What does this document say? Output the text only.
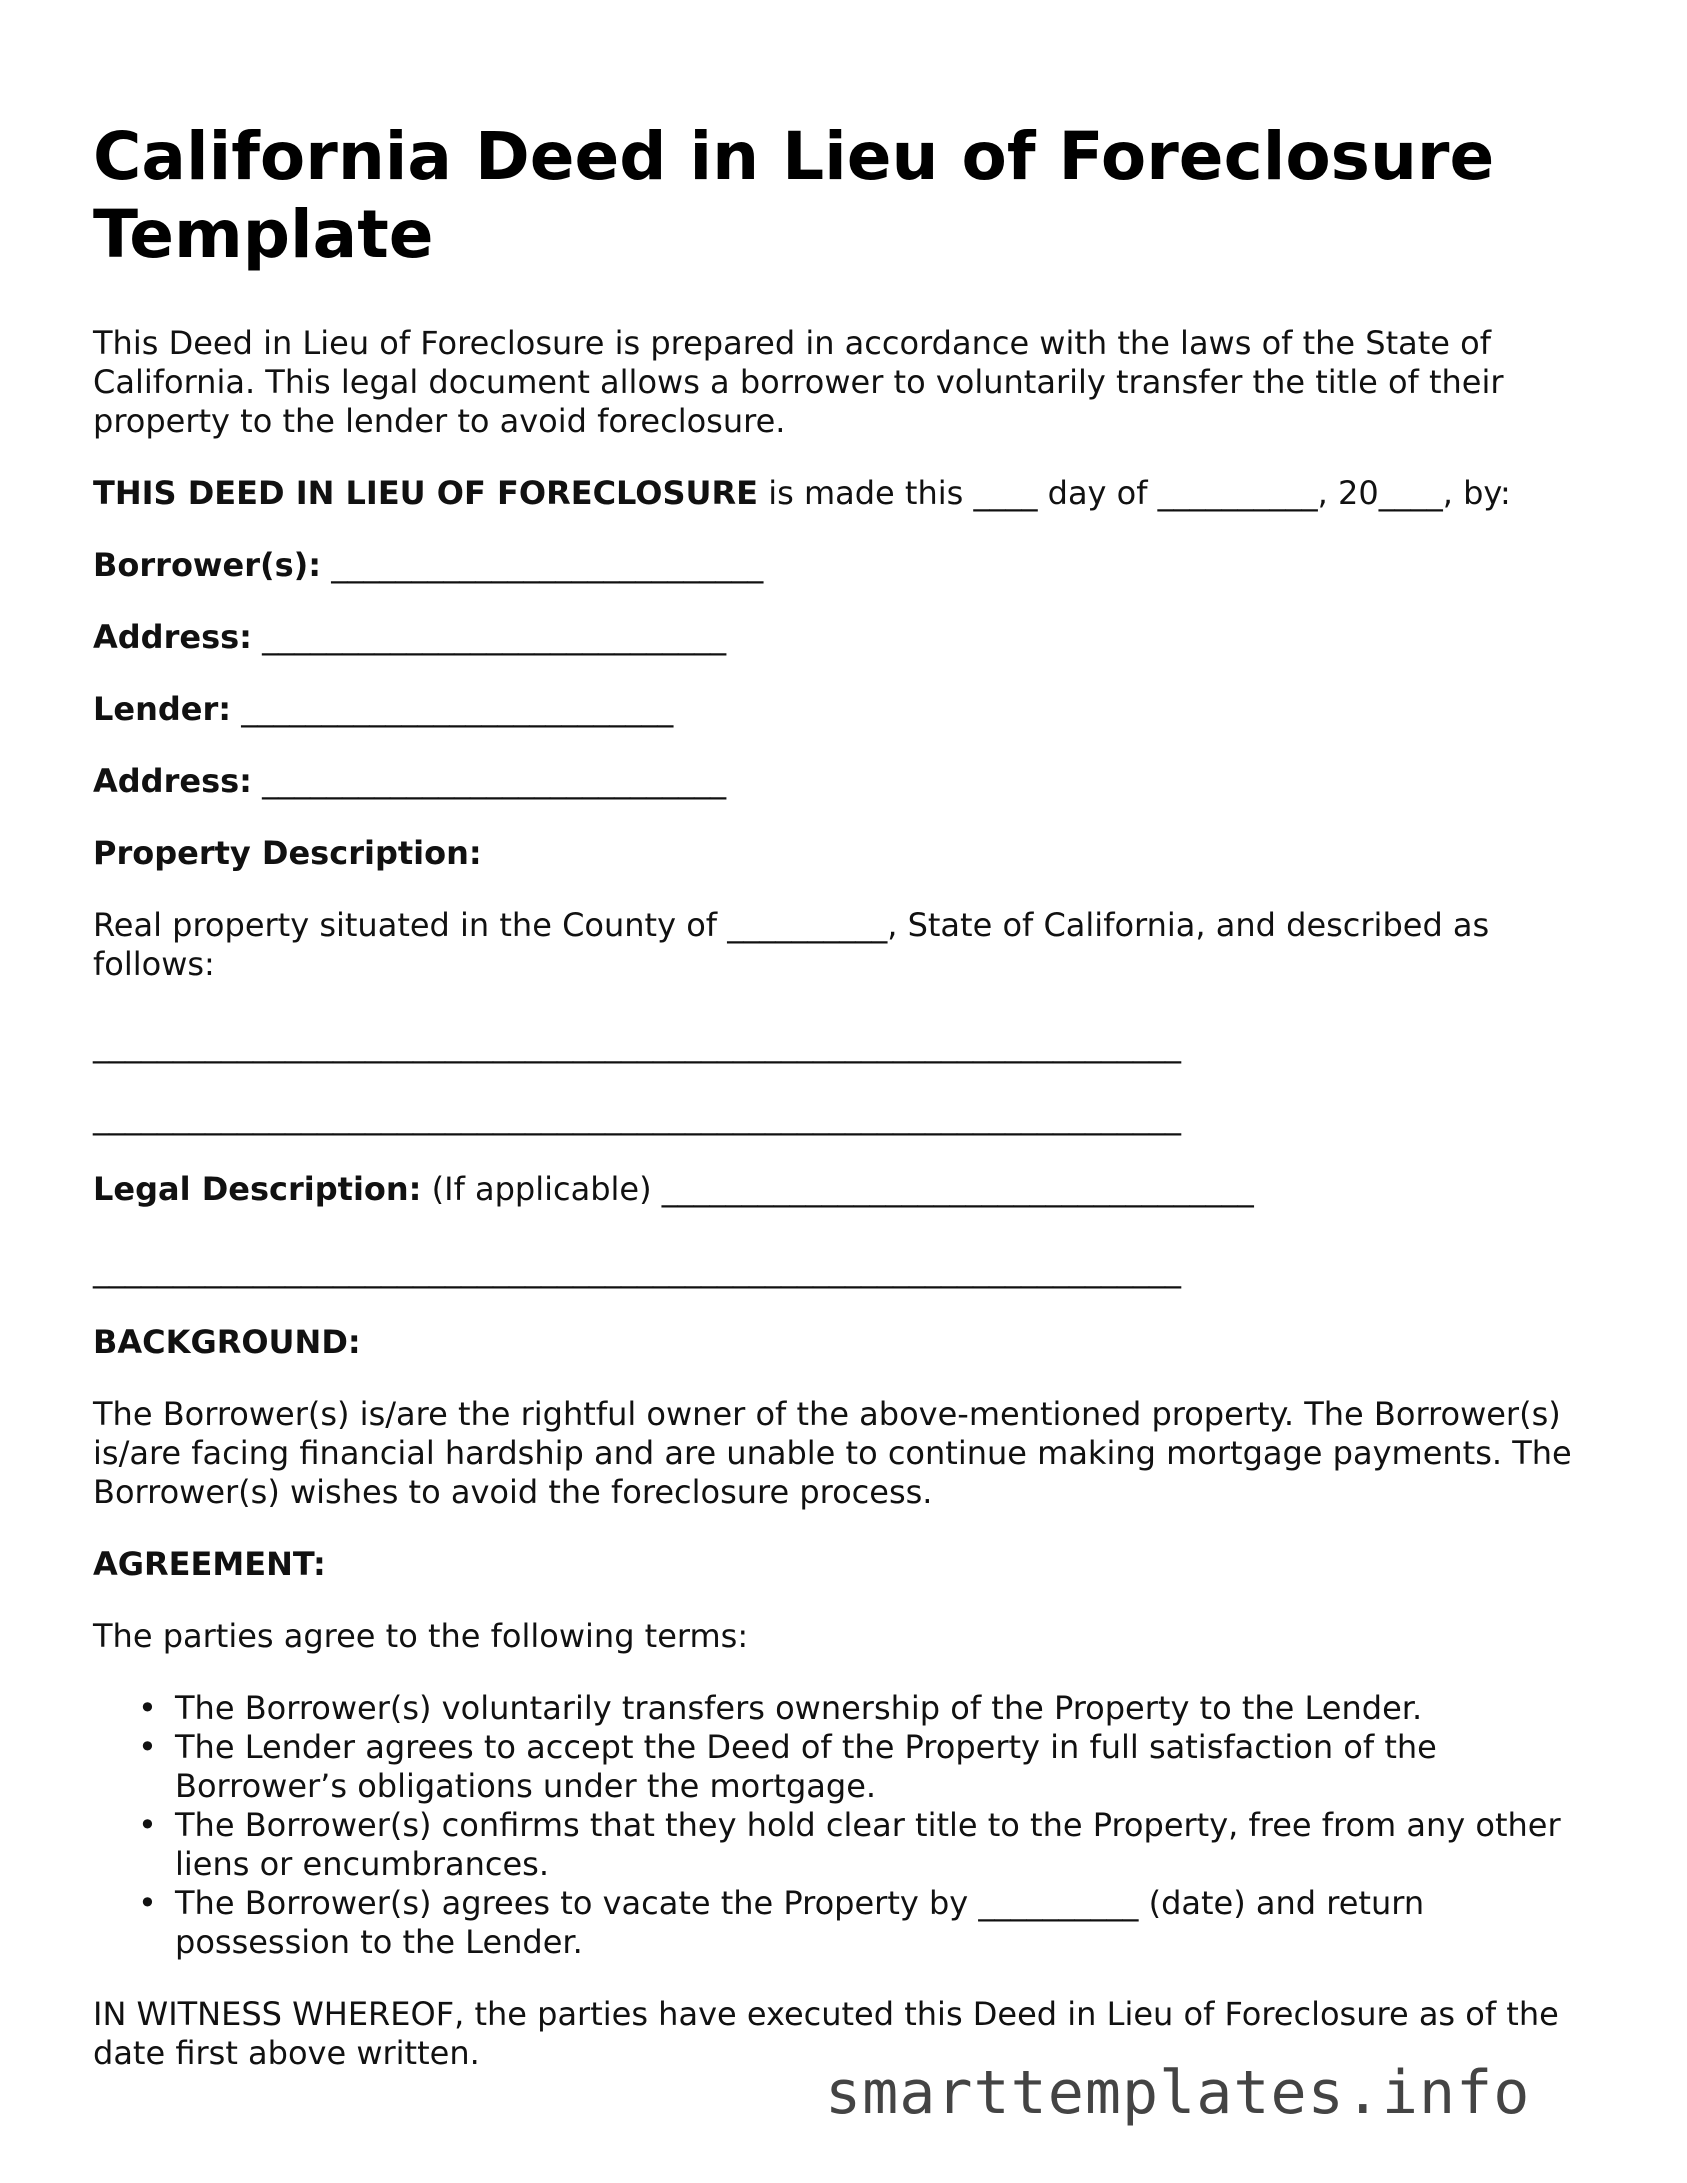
California Deed in Lieu of Foreclosure Template

This Deed in Lieu of Foreclosure is prepared in accordance with the laws of the State of California. This legal document allows a borrower to voluntarily transfer the title of their property to the lender to avoid foreclosure.

THIS DEED IN LIEU OF FORECLOSURE is made this ____ day of __________, 20____, by:

Borrower(s): ___________________________

Address: _____________________________

Lender: ___________________________

Address: _____________________________

Property Description:

Real property situated in the County of __________, State of California, and described as follows:

____________________________________________________________________

____________________________________________________________________

Legal Description: (If applicable) _____________________________________

____________________________________________________________________

BACKGROUND:

The Borrower(s) is/are the rightful owner of the above-mentioned property. The Borrower(s) is/are facing financial hardship and are unable to continue making mortgage payments. The Borrower(s) wishes to avoid the foreclosure process.

AGREEMENT:

The parties agree to the following terms:

• The Borrower(s) voluntarily transfers ownership of the Property to the Lender.
• The Lender agrees to accept the Deed of the Property in full satisfaction of the Borrower’s obligations under the mortgage.
• The Borrower(s) confirms that they hold clear title to the Property, free from any other liens or encumbrances.
• The Borrower(s) agrees to vacate the Property by __________ (date) and return possession to the Lender.

IN WITNESS WHEREOF, the parties have executed this Deed in Lieu of Foreclosure as of the date first above written.

smarttemplates.info
